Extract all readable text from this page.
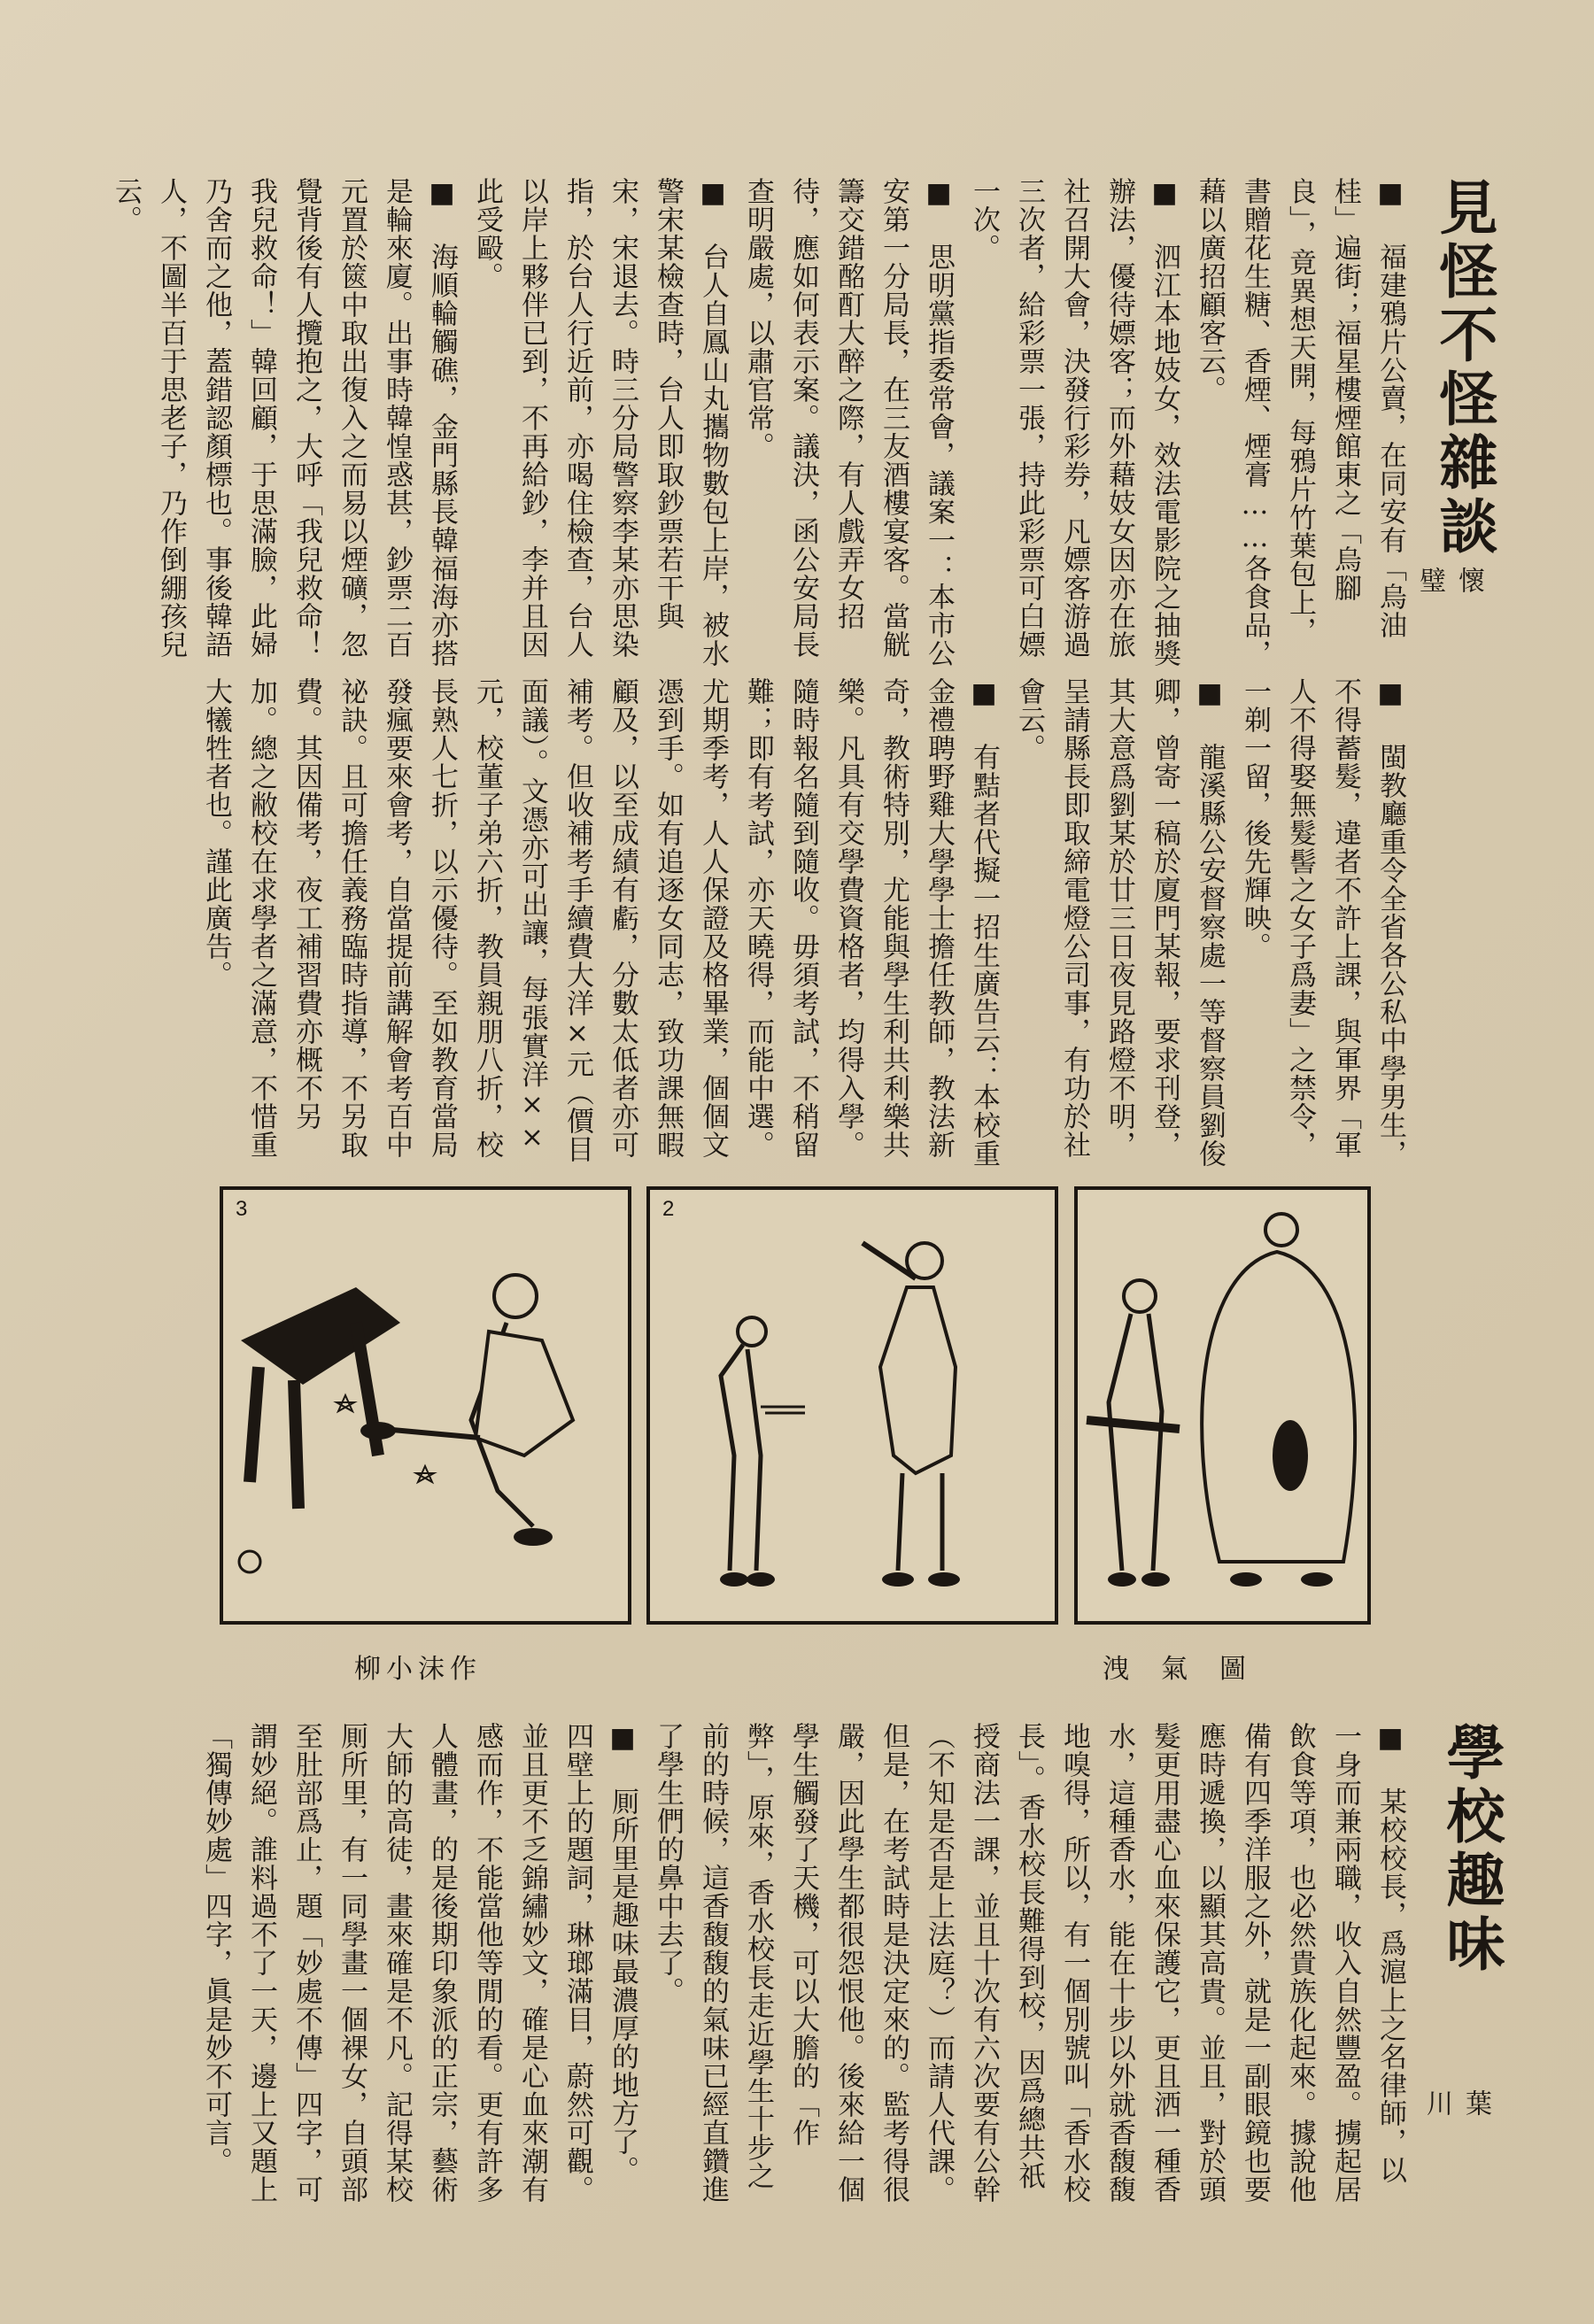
見怪不怪雜談
懷 璧

■ 福建鴉片公賣，在同安有「烏油桂」遍街；福星樓煙館東之「烏腳良」，竟異想天開，每鴉片竹葉包上，書贈花生糖、香煙、煙膏……各食品，藉以廣招顧客云。

■ 泗江本地妓女，效法電影院之抽獎辦法，優待嫖客；而外藉妓女因亦在旅社召開大會，決發行彩券，凡嫖客游過三次者，給彩票一張，持此彩票可白嫖一次。

■ 思明黨指委常會，議案一：本市公安第一分局長，在三友酒樓宴客。當觥籌交錯酩酊大醉之際，有人戲弄女招待，應如何表示案。議決，函公安局長查明嚴處，以肅官常。

■ 台人自鳳山丸攜物數包上岸，被水警宋某檢查時，台人即取鈔票若干與宋，宋退去。時三分局警察李某亦思染指，於台人行近前，亦喝住檢查，台人以岸上夥伴已到，不再給鈔，李并且因此受毆。

■ 海順輪觸礁，金門縣長韓福海亦搭是輪來廈。出事時韓惶惑甚，鈔票二百元置於篋中取出復入之而易以煙礦，忽覺背後有人攬抱之，大呼「我兒救命！我兒救命！」韓回顧，于思滿臉，此婦乃舍而之他，蓋錯認顏標也。事後韓語人，不圖半百于思老子，乃作倒綳孩兒云。

■ 閩教廳重令全省各公私中學男生，不得蓄髮，違者不許上課，與軍界「軍人不得娶無髮髻之女子爲妻」之禁令，一剃一留，後先輝映。

■ 龍溪縣公安督察處一等督察員劉俊卿，曾寄一稿於廈門某報，要求刊登，其大意爲劉某於廿三日夜見路燈不明，呈請縣長即取締電燈公司事，有功於社會云。

■ 有黠者代擬一招生廣告云：本校重金禮聘野雞大學學士擔任教師，教法新奇，教術特別，尤能與學生利共利樂共樂。凡具有交學費資格者，均得入學。隨時報名隨到隨收。毋須考試，不稍留難；即有考試，亦天曉得，而能中選。尤期季考，人人保證及格畢業，個個文憑到手。如有追逐女同志，致功課無暇顧及，以至成績有虧，分數太低者亦可補考。但收補考手續費大洋×元（價目面議）。文憑亦可出讓，每張實洋××元，校董子弟六折，教員親朋八折，校長熟人七折，以示優待。至如教育當局發瘋要來會考，自當提前講解會考百中祕訣。且可擔任義務臨時指導，不另取費。其因備考，夜工補習費亦概不另加。總之敝校在求學者之滿意，不惜重大犧牲者也。謹此廣告。

3	2
洩氣圖
柳小沫作
學校趣味
葉 川

■ 某校校長，爲滬上之名律師，以一身而兼兩職，收入自然豐盈。擄起居飲食等項，也必然貴族化起來。據說他備有四季洋服之外，就是一副眼鏡也要應時遞換，以顯其高貴。並且，對於頭髮更用盡心血來保護它，更且洒一種香水，這種香水，能在十步以外就香馥馥地嗅得，所以，有一個別號叫「香水校長」。香水校長難得到校，因爲總共祇授商法一課，並且十次有六次要有公幹（不知是否是上法庭？）而請人代課。但是，在考試時是決定來的。監考得很嚴，因此學生都很怨恨他。後來給一個學生觸發了天機，可以大膽的「作弊」，原來，香水校長走近學生十步之前的時候，這香馥馥的氣味已經直鑽進了學生們的鼻中去了。

■ 厠所里是趣味最濃厚的地方了。四壁上的題詞，琳瑯滿目，蔚然可觀。並且更不乏錦繡妙文，確是心血來潮有感而作，不能當他等閒的看。更有許多人體畫，的是後期印象派的正宗，藝術大師的高徒，畫來確是不凡。記得某校厠所里，有一同學畫一個裸女，自頭部至肚部爲止，題「妙處不傳」四字，可謂妙絕。誰料過不了一天，邊上又題上「獨傳妙處」四字，眞是妙不可言。
